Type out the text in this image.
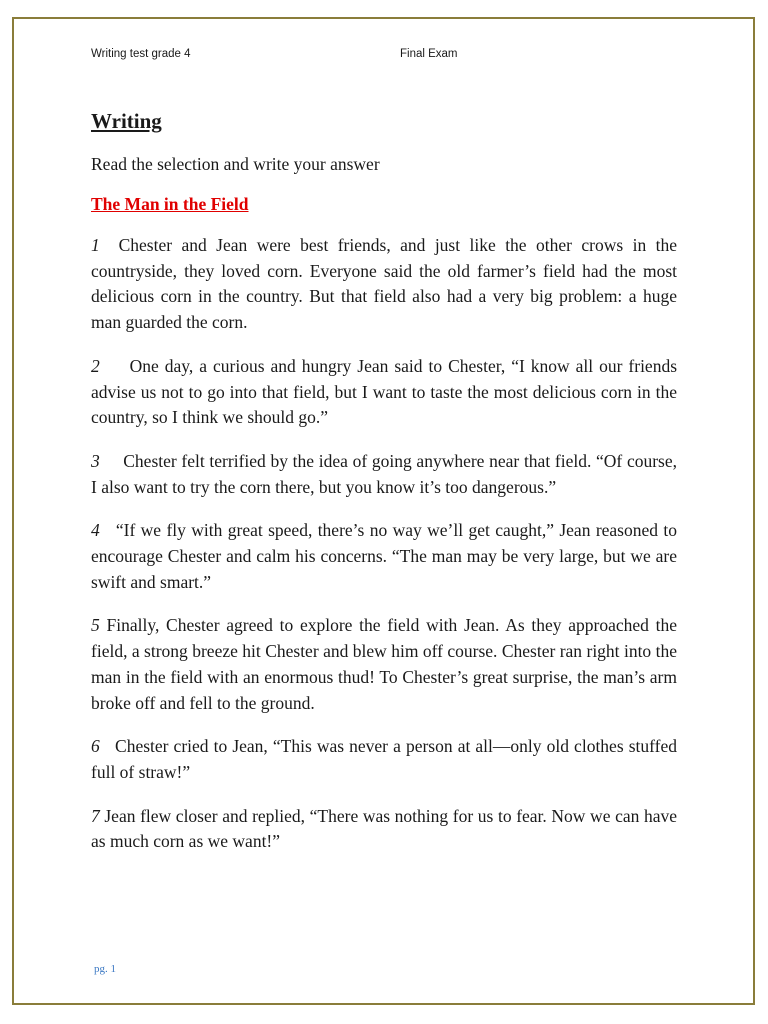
Writing test grade 4	Final Exam
Writing
Read the selection and write your answer
The Man in the Field

1 Chester and Jean were best friends, and just like the other crows in the countryside, they loved corn. Everyone said the old farmer’s field had the most delicious corn in the country. But that field also had a very big problem: a huge man guarded the corn.

2 One day, a curious and hungry Jean said to Chester, “I know all our friends advise us not to go into that field, but I want to taste the most delicious corn in the country, so I think we should go.”

3 Chester felt terrified by the idea of going anywhere near that field. “Of course, I also want to try the corn there, but you know it’s too dangerous.”

4 “If we fly with great speed, there’s no way we’ll get caught,” Jean reasoned to encourage Chester and calm his concerns. “The man may be very large, but we are swift and smart.”

5 Finally, Chester agreed to explore the field with Jean. As they approached the field, a strong breeze hit Chester and blew him off course. Chester ran right into the man in the field with an enormous thud! To Chester’s great surprise, the man’s arm broke off and fell to the ground.

6 Chester cried to Jean, “This was never a person at all—only old clothes stuffed full of straw!”

7 Jean flew closer and replied, “There was nothing for us to fear. Now we can have as much corn as we want!”

pg. 1
